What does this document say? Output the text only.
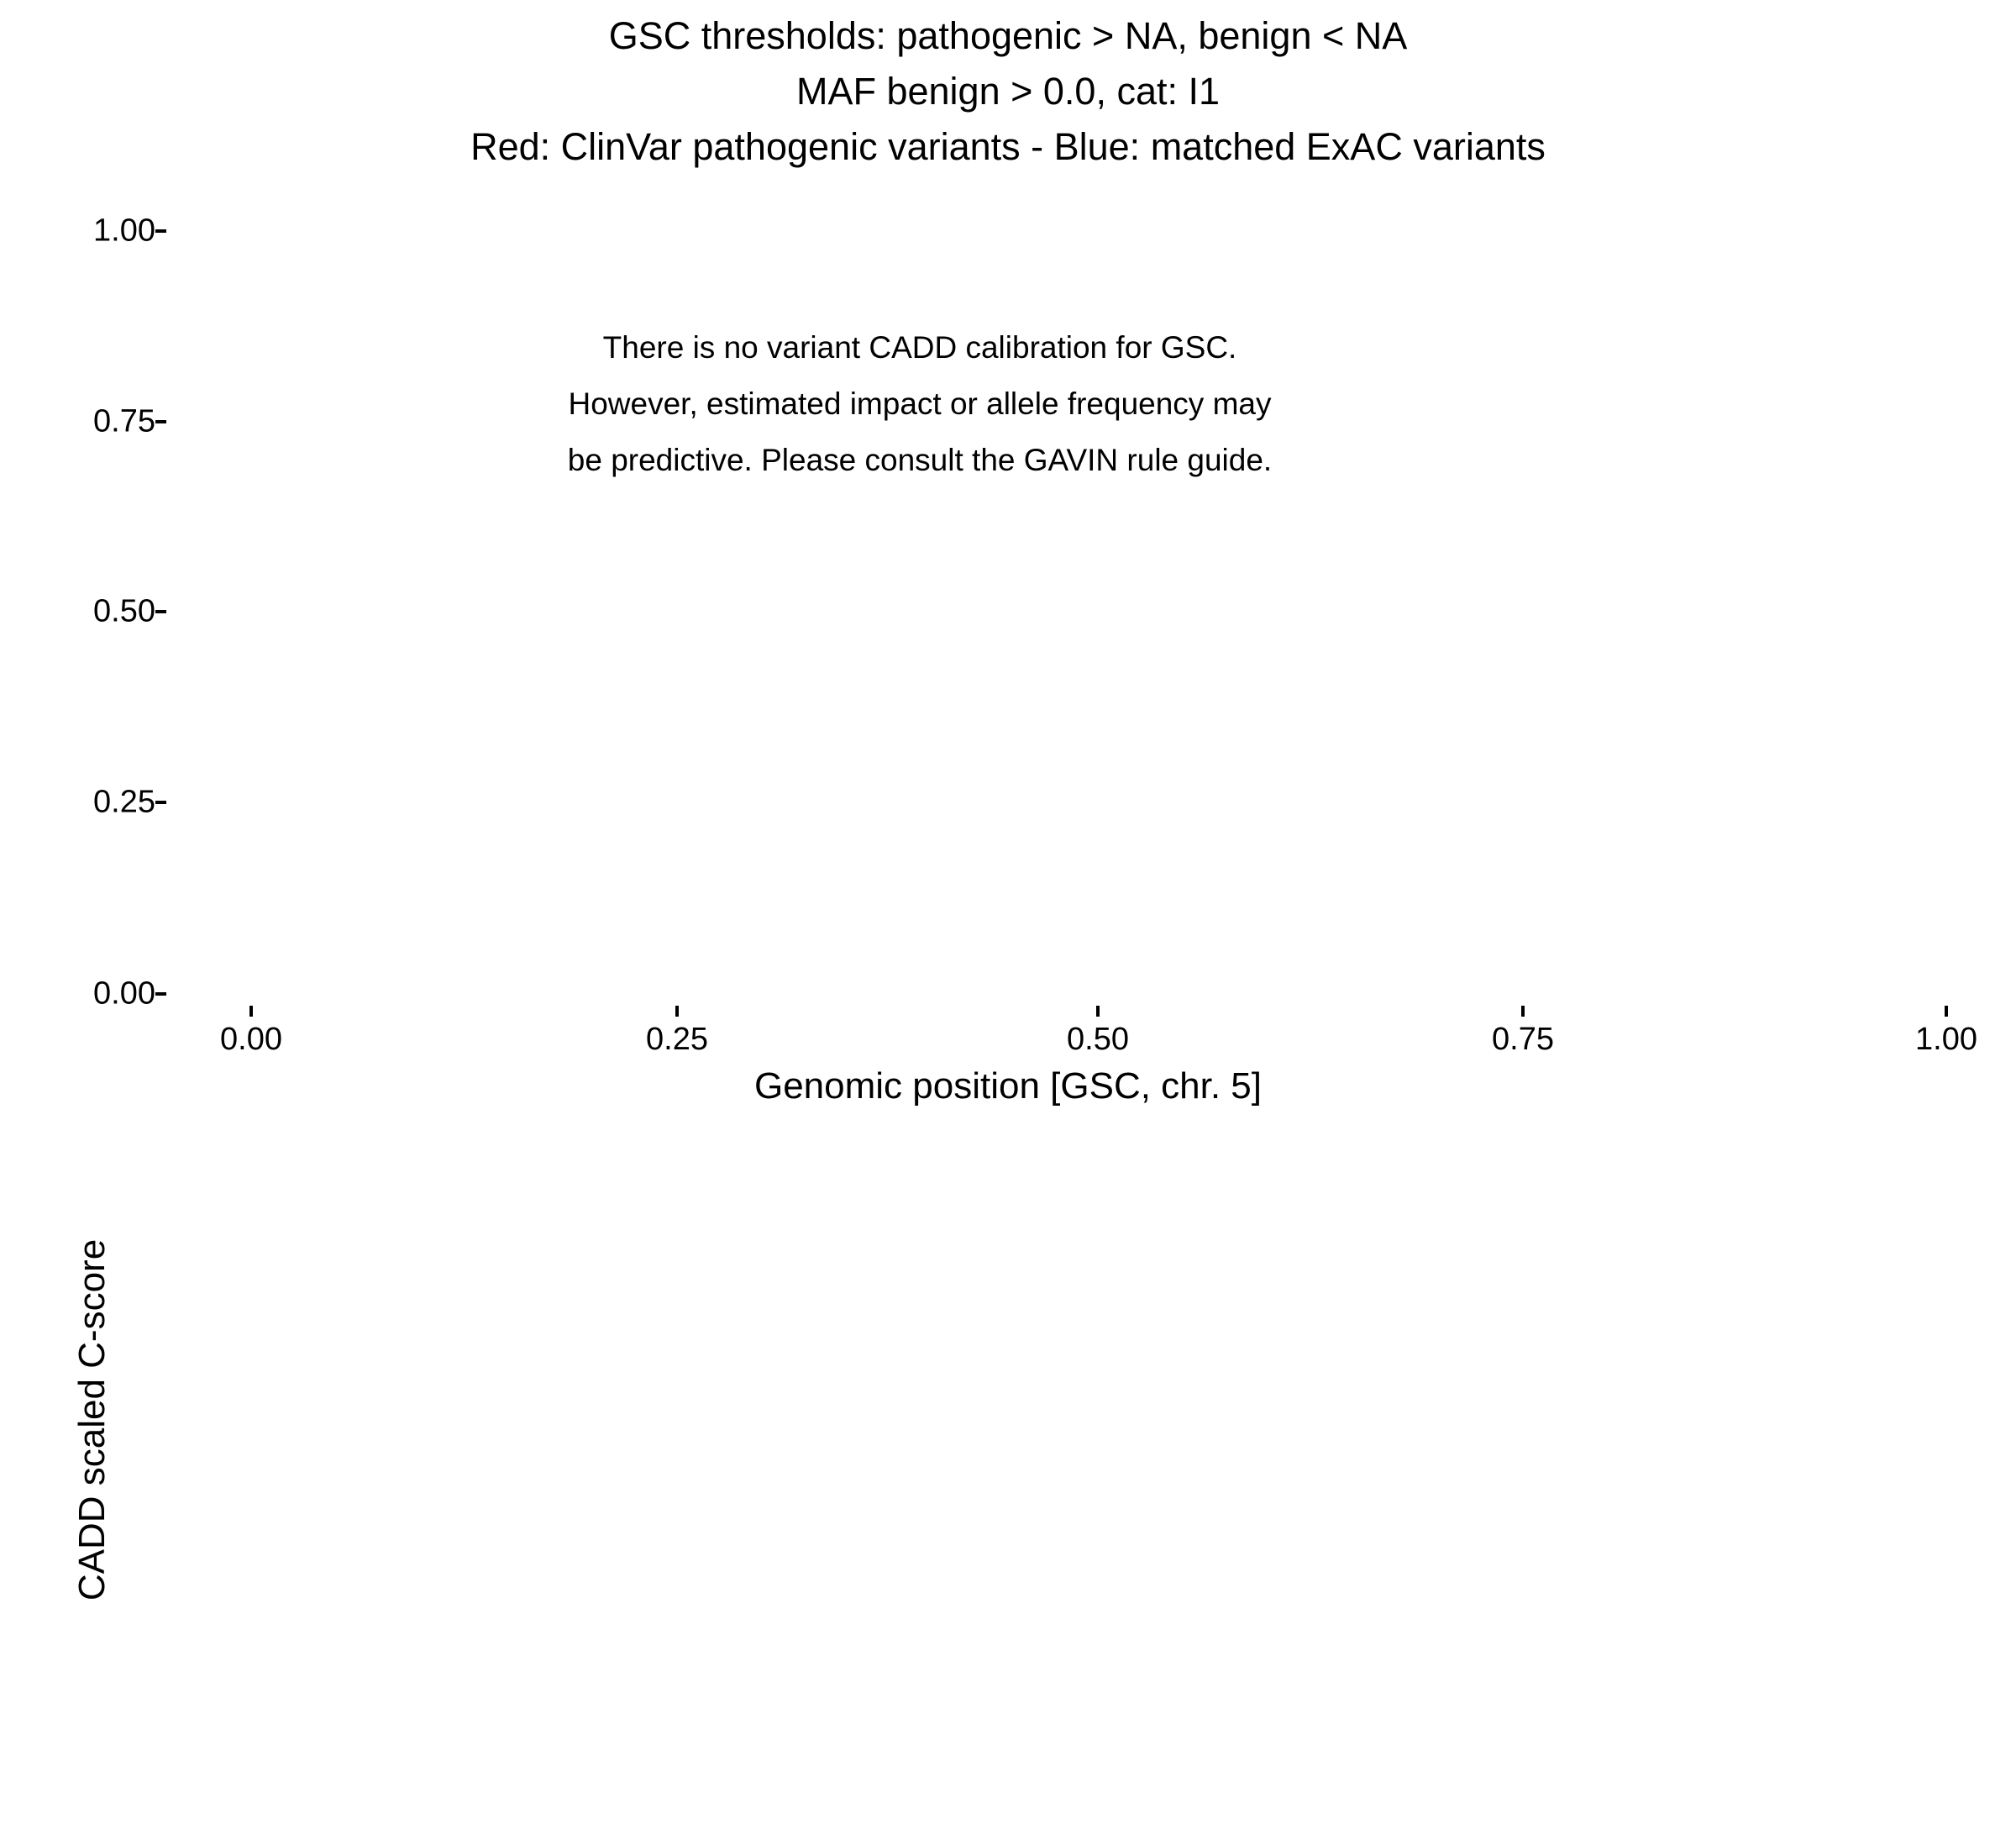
GSC thresholds: pathogenic > NA, benign < NA
MAF benign > 0.0, cat: I1
Red: ClinVar pathogenic variants - Blue: matched ExAC variants
CADD scaled C-score
1.00
0.75
0.50
0.25
0.00
0.00	0.25	0.50	0.75	1.00
There is no variant CADD calibration for GSC.
However, estimated impact or allele frequency may
be predictive. Please consult the GAVIN rule guide.
Genomic position [GSC, chr. 5]
